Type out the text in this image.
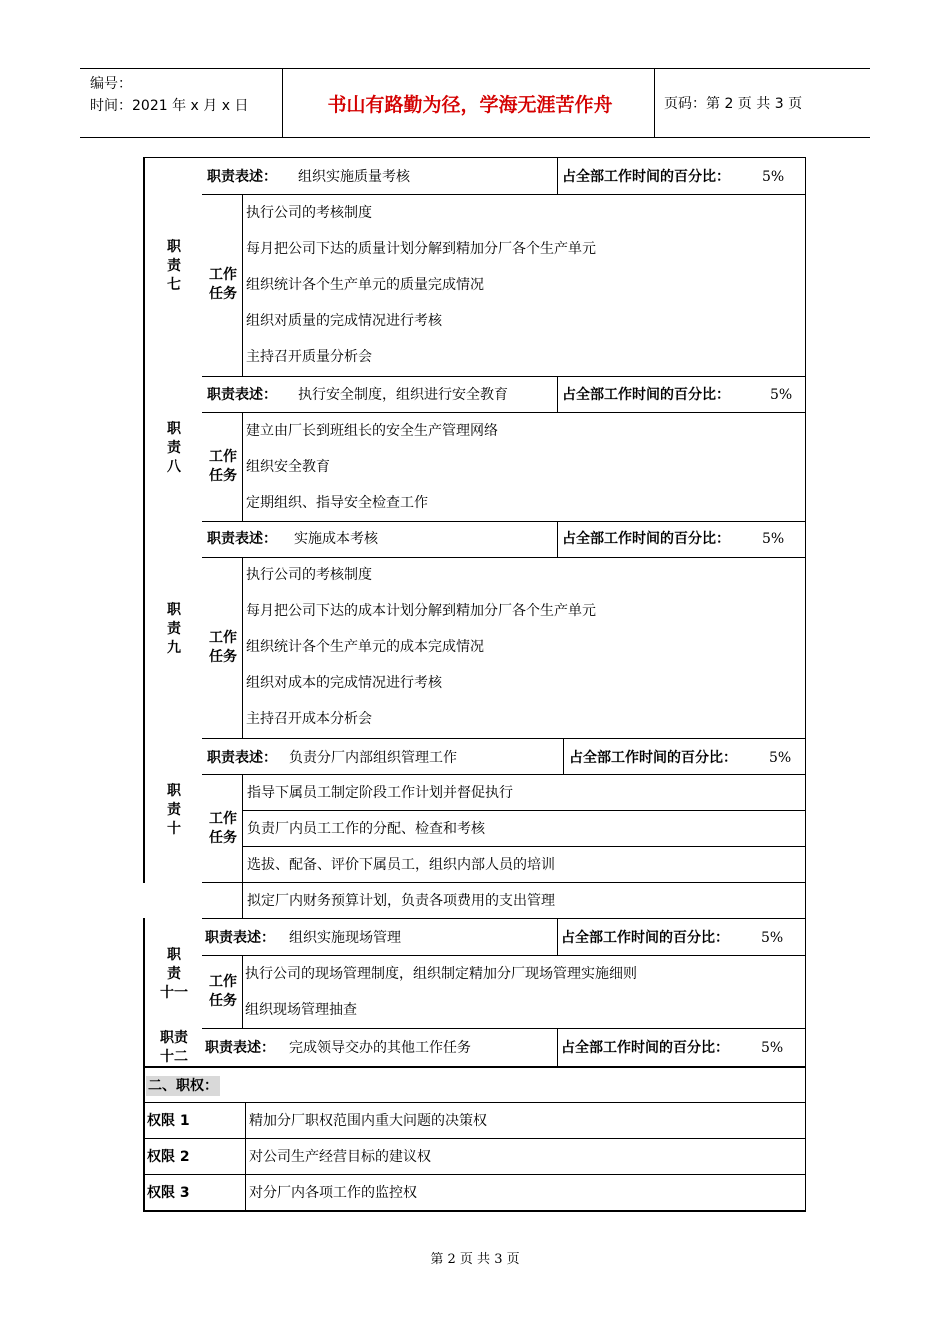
编号：
时间：2021 年 x 月 x 日	书山有路勤为径，学海无涯苦作舟	页码：第 2 页 共 3 页
职
责
七
职责表述： 组织实施质量考核	占全部工作时间的百分比： 5%
工作
任务
执行公司的考核制度
每月把公司下达的质量计划分解到精加分厂各个生产单元
组织统计各个生产单元的质量完成情况
组织对质量的完成情况进行考核
主持召开质量分析会
职
责
八
职责表述： 执行安全制度，组织进行安全教育	占全部工作时间的百分比：	5%
工作
任务
建立由厂长到班组长的安全生产管理网络
组织安全教育
定期组织、指导安全检查工作
职
责
九
职责表述： 实施成本考核	占全部工作时间的百分比： 5%
工作
任务
执行公司的考核制度
每月把公司下达的成本计划分解到精加分厂各个生产单元
组织统计各个生产单元的成本完成情况
组织对成本的完成情况进行考核
主持召开成本分析会
职
责
十
职责表述： 负责分厂内部组织管理工作	占全部工作时间的百分比： 5%
工作
任务
指导下属员工制定阶段工作计划并督促执行
负责厂内员工工作的分配、检查和考核
选拔、配备、评价下属员工，组织内部人员的培训
拟定厂内财务预算计划，负责各项费用的支出管理
职
责
十一
职责表述： 组织实施现场管理	占全部工作时间的百分比： 5%
工作
任务
执行公司的现场管理制度，组织制定精加分厂现场管理实施细则
组织现场管理抽查
职责
十二
职责表述： 完成领导交办的其他工作任务	占全部工作时间的百分比： 5%
二、职权：
权限 1	精加分厂职权范围内重大问题的决策权
权限 2	对公司生产经营目标的建议权
权限 3	对分厂内各项工作的监控权
第 2 页 共 3 页
